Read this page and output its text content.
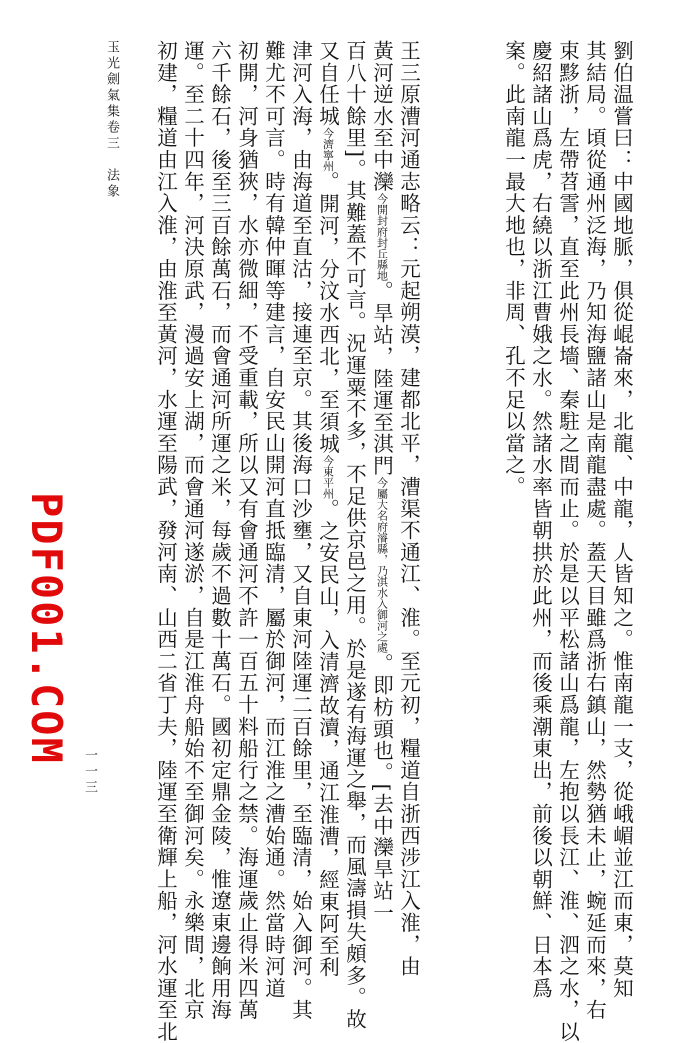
劉伯温嘗曰：中國地脈，俱從崐崙來，北龍、中龍，人皆知之。惟南龍一支，從峨嵋並江而東，莫知
其結局。頃從通州泛海，乃知海鹽諸山是南龍盡處。蓋天目雖爲浙右鎮山，然勢猶未止，蜿延而來，右
束黟浙，左帶苕霅，直至此州長墻、秦駐之間而止。於是以平松諸山爲龍，左抱以長江、淮、泗之水，以
慶紹諸山爲虎，右繞以浙江曹娥之水。然諸水率皆朝拱於此州，而後乘潮東出，前後以朝鮮、日本爲
案。此南龍一最大地也，非周、孔不足以當之。
王三原漕河通志略云：元起朔漠，建都北平，漕渠不通江、淮。至元初，糧道自浙西涉江入淮，由
黃河逆水至中灤今開封府封丘縣地。旱站，陸運至淇門今屬大名府濬縣，乃淇水入御河之處。即枋頭也。[去中灤旱站一
百八十餘里]。其難蓋不可言。況運粟不多，不足供京邑之用。於是遂有海運之舉，而風濤損失頗多。故
又自任城今濟寧州。開河，分汶水西北，至須城今東平州。之安民山，入清濟故瀆，通江淮漕，經東阿至利
津河入海，由海道至直沽，接連至京。其後海口沙壅，又自東河陸運二百餘里，至臨清，始入御河。其
難尤不可言。時有韓仲暉等建言，自安民山開河直抵臨清，屬於御河，而江淮之漕始通。然當時河道
初開，河身猶狹，水亦微細，不受重載，所以又有會通河不許一百五十料船行之禁。海運歲止得米四萬
六千餘石，後至三百餘萬石，而會通河所運之米，每歲不過數十萬石。國初定鼎金陵，惟遼東邊餉用海
運。至二十四年，河決原武，漫過安上湖，而會通河遂淤，自是江淮舟船始不至御河矣。永樂間，北京
初建，糧道由江入淮，由淮至黃河，水運至陽武，發河南、山西二省丁夫，陸運至衛輝上船，河水運至北
玉光劍氣集卷三　法象
一一三
PDF001.COM
